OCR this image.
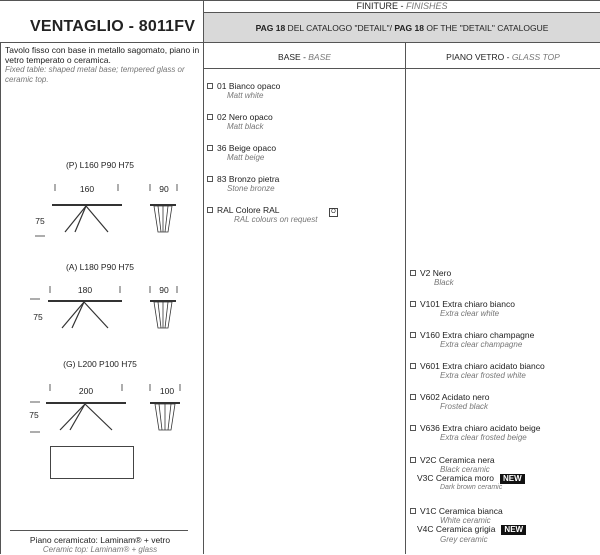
VENTAGLIO - 8011FV
FINITURE - FINISHES
PAG 18 DEL CATALOGO "DETAIL"/ PAG 18 OF THE "DETAIL" CATALOGUE
Tavolo fisso con base in metallo sagomato, piano in vetro temperato o ceramica.
Fixed table: shaped metal base; tempered glass or ceramic top.
BASE - BASE	PIANO VETRO - GLASS TOP
(P) L160 P90 H75
160	90
75
(A) L180 P90 H75
180	90
75
(G) L200 P100 H75
200	100
75
Piano ceramicato: Laminam® + vetro
Ceramic top: Laminam® + glass
01 Bianco opaco
Matt white
02 Nero opaco
Matt black
36 Beige opaco
Matt beige
83 Bronzo pietra
Stone bronze
RAL Colore RAL
RAL colours on request
O
V2 Nero
Black
V101 Extra chiaro bianco
Extra clear white
V160 Extra chiaro champagne
Extra clear champagne
V601 Extra chiaro acidato bianco
Extra clear frosted white
V602 Acidato nero
Frosted black
V636 Extra chiaro acidato beige
Extra clear frosted beige
V2C Ceramica nera
Black ceramic
V3C Ceramica moro NEW
Dark brown ceramic
V1C Ceramica bianca
White ceramic
V4C Ceramica grigia NEW
Grey ceramic
